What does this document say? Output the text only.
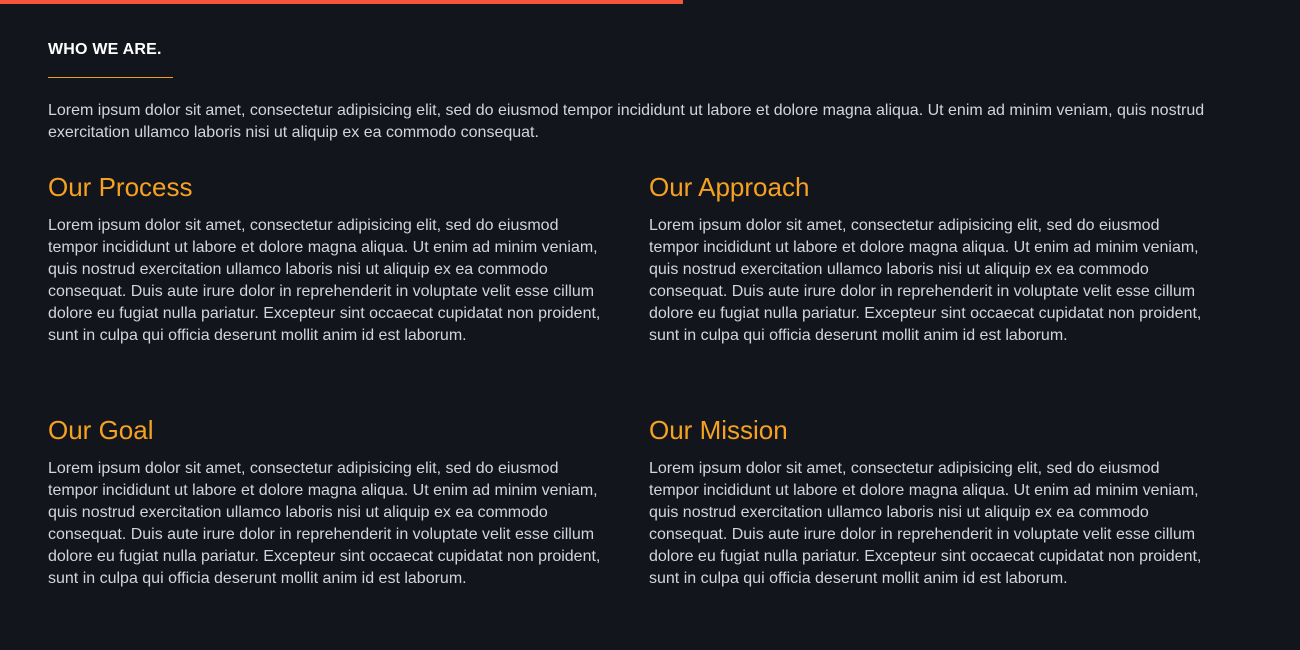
WHO WE ARE.

Lorem ipsum dolor sit amet, consectetur adipisicing elit, sed do eiusmod tempor incididunt ut labore et dolore magna aliqua. Ut enim ad minim veniam, quis nostrud exercitation ullamco laboris nisi ut aliquip ex ea commodo consequat.

Our Process

Lorem ipsum dolor sit amet, consectetur adipisicing elit, sed do eiusmod tempor incididunt ut labore et dolore magna aliqua. Ut enim ad minim veniam, quis nostrud exercitation ullamco laboris nisi ut aliquip ex ea commodo consequat. Duis aute irure dolor in reprehenderit in voluptate velit esse cillum dolore eu fugiat nulla pariatur. Excepteur sint occaecat cupidatat non proident, sunt in culpa qui officia deserunt mollit anim id est laborum.

Our Approach

Lorem ipsum dolor sit amet, consectetur adipisicing elit, sed do eiusmod tempor incididunt ut labore et dolore magna aliqua. Ut enim ad minim veniam, quis nostrud exercitation ullamco laboris nisi ut aliquip ex ea commodo consequat. Duis aute irure dolor in reprehenderit in voluptate velit esse cillum dolore eu fugiat nulla pariatur. Excepteur sint occaecat cupidatat non proident, sunt in culpa qui officia deserunt mollit anim id est laborum.

Our Goal

Lorem ipsum dolor sit amet, consectetur adipisicing elit, sed do eiusmod tempor incididunt ut labore et dolore magna aliqua. Ut enim ad minim veniam, quis nostrud exercitation ullamco laboris nisi ut aliquip ex ea commodo consequat. Duis aute irure dolor in reprehenderit in voluptate velit esse cillum dolore eu fugiat nulla pariatur. Excepteur sint occaecat cupidatat non proident, sunt in culpa qui officia deserunt mollit anim id est laborum.

Our Mission

Lorem ipsum dolor sit amet, consectetur adipisicing elit, sed do eiusmod tempor incididunt ut labore et dolore magna aliqua. Ut enim ad minim veniam, quis nostrud exercitation ullamco laboris nisi ut aliquip ex ea commodo consequat. Duis aute irure dolor in reprehenderit in voluptate velit esse cillum dolore eu fugiat nulla pariatur. Excepteur sint occaecat cupidatat non proident, sunt in culpa qui officia deserunt mollit anim id est laborum.
